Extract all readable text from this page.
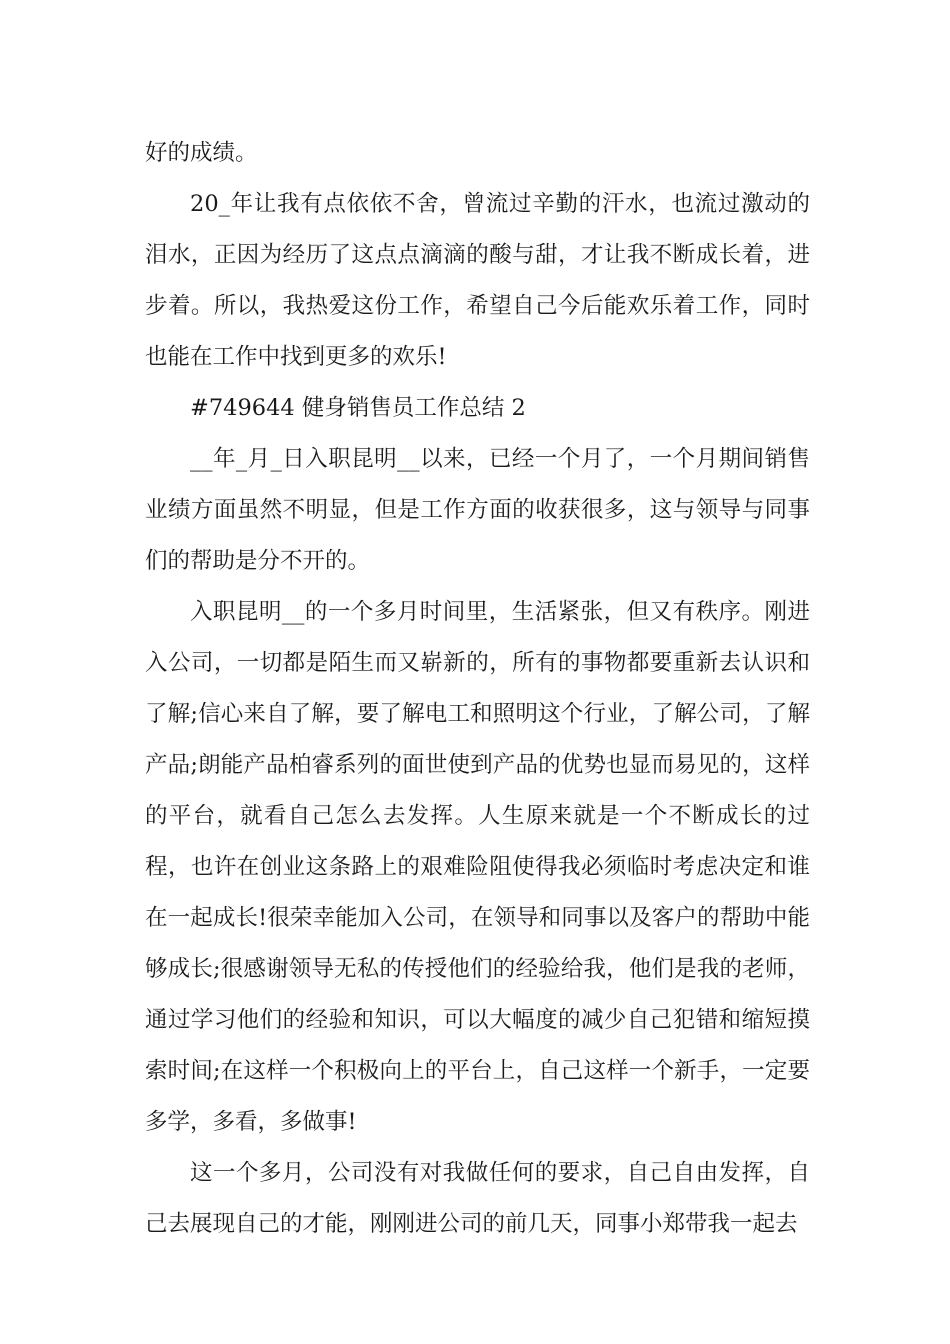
好的成绩。

20_年让我有点依依不舍，曾流过辛勤的汗水，也流过激动的泪水，正因为经历了这点点滴滴的酸与甜，才让我不断成长着，进步着。所以，我热爱这份工作，希望自己今后能欢乐着工作，同时也能在工作中找到更多的欢乐!

#749644 健身销售员工作总结 2

__年_月_日入职昆明__以来，已经一个月了，一个月期间销售业绩方面虽然不明显，但是工作方面的收获很多，这与领导与同事们的帮助是分不开的。

入职昆明__的一个多月时间里，生活紧张，但又有秩序。刚进入公司，一切都是陌生而又崭新的，所有的事物都要重新去认识和了解;信心来自了解，要了解电工和照明这个行业，了解公司，了解产品;朗能产品柏睿系列的面世使到产品的优势也显而易见的，这样的平台，就看自己怎么去发挥。人生原来就是一个不断成长的过程，也许在创业这条路上的艰难险阻使得我必须临时考虑决定和谁在一起成长!很荣幸能加入公司，在领导和同事以及客户的帮助中能够成长;很感谢领导无私的传授他们的经验给我，他们是我的老师，通过学习他们的经验和知识，可以大幅度的减少自己犯错和缩短摸索时间;在这样一个积极向上的平台上，自己这样一个新手，一定要多学，多看，多做事!

这一个多月，公司没有对我做任何的要求，自己自由发挥，自己去展现自己的才能，刚刚进公司的前几天，同事小郑带我一起去
